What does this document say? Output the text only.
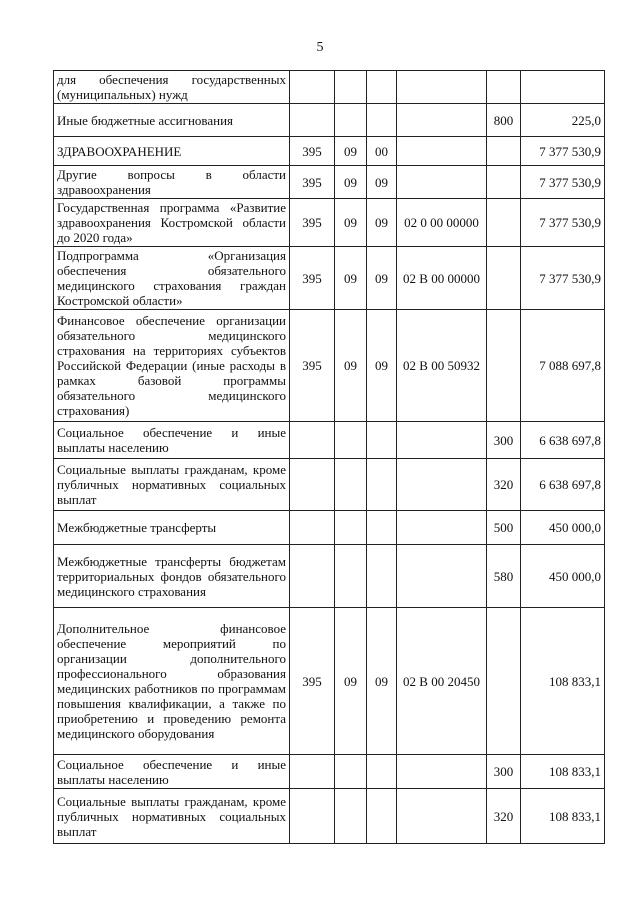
5
для обеспечения государственных (муниципальных) нужд						
Иные бюджетные ассигнования					800	225,0
ЗДРАВООХРАНЕНИЕ	395	09	00			7 377 530,9
Другие вопросы в области здравоохранения	395	09	09			7 377 530,9
Государственная программа «Развитие здравоохранения Костромской области до 2020 года»	395	09	09	02 0 00 00000		7 377 530,9
Подпрограмма «Организация обеспечения обязательного медицинского страхования граждан Костромской области»	395	09	09	02 В 00 00000		7 377 530,9
Финансовое обеспечение организации обязательного медицинского страхования на территориях субъектов Российской Федерации (иные расходы в рамках базовой программы обязательного медицинского страхования)	395	09	09	02 В 00 50932		7 088 697,8
Социальное обеспечение и иные выплаты населению					300	6 638 697,8
Социальные выплаты гражданам, кроме публичных нормативных социальных выплат					320	6 638 697,8
Межбюджетные трансферты					500	450 000,0
Межбюджетные трансферты бюджетам территориальных фондов обязательного медицинского страхования					580	450 000,0
Дополнительное финансовое обеспечение мероприятий по организации дополнительного профессионального образования медицинских работников по программам повышения квалификации, а также по приобретению и проведению ремонта медицинского оборудования	395	09	09	02 В 00 20450		108 833,1
Социальное обеспечение и иные выплаты населению					300	108 833,1
Социальные выплаты гражданам, кроме публичных нормативных социальных выплат					320	108 833,1
